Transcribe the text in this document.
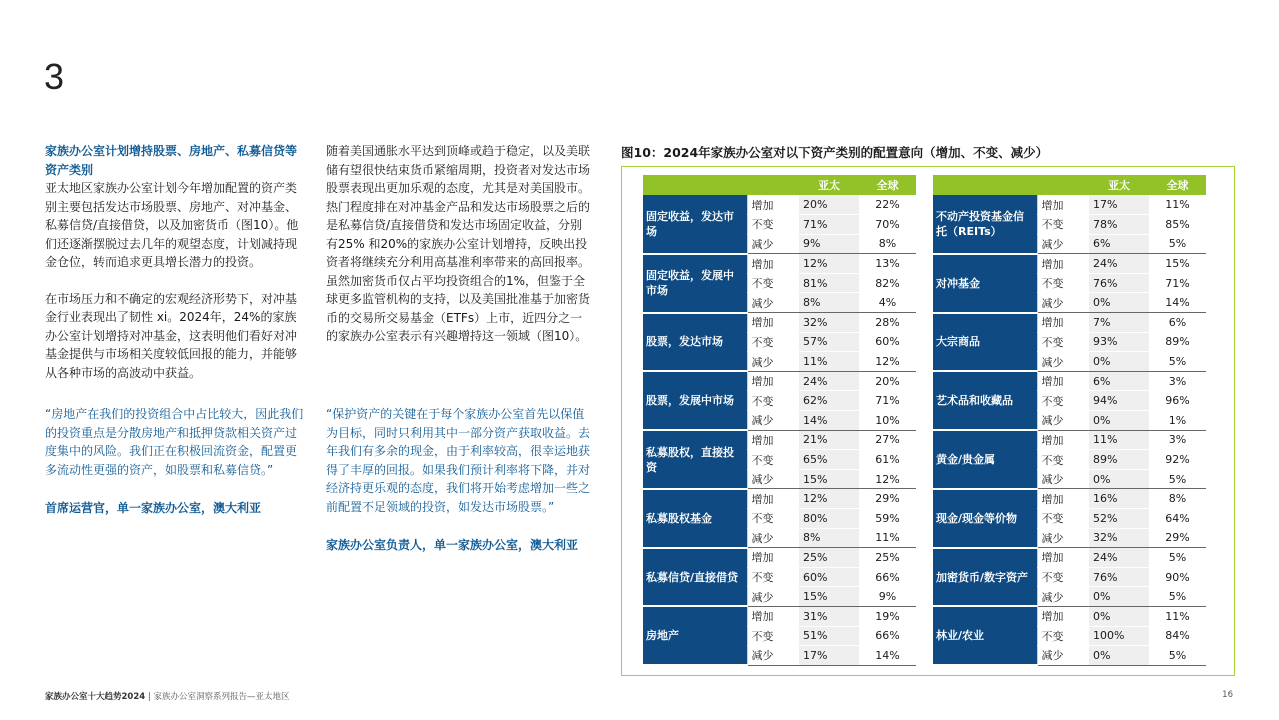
3
家族办公室计划增持股票、房地产、私募信贷等资产类别
亚太地区家族办公室计划今年增加配置的资产类别主要包括发达市场股票、房地产、对冲基金、私募信贷/直接借贷，以及加密货币（图10）。他们还逐渐摆脱过去几年的观望态度，计划减持现金仓位，转而追求更具增长潜力的投资。
在市场压力和不确定的宏观经济形势下，对冲基金行业表现出了韧性 xi。2024年，24%的家族办公室计划增持对冲基金，这表明他们看好对冲基金提供与市场相关度较低回报的能力，并能够从各种市场的高波动中获益。
随着美国通胀水平达到顶峰或趋于稳定，以及美联储有望很快结束货币紧缩周期，投资者对发达市场股票表现出更加乐观的态度，尤其是对美国股市。热门程度排在对冲基金产品和发达市场股票之后的是私募信贷/直接借贷和发达市场固定收益，分别有25% 和20%的家族办公室计划增持，反映出投资者将继续充分利用高基准利率带来的高回报率。虽然加密货币仅占平均投资组合的1%，但鉴于全球更多监管机构的支持，以及美国批准基于加密货币的交易所交易基金（ETFs）上市，近四分之一的家族办公室表示有兴趣增持这一领域（图10）。
“房地产在我们的投资组合中占比较大，因此我们的投资重点是分散房地产和抵押贷款相关资产过度集中的风险。我们正在积极回流资金，配置更多流动性更强的资产，如股票和私募信贷。”
首席运营官，单一家族办公室，澳大利亚
“保护资产的关键在于每个家族办公室首先以保值为目标，同时只利用其中一部分资产获取收益。去年我们有多余的现金，由于利率较高，很幸运地获得了丰厚的回报。如果我们预计利率将下降，并对经济持更乐观的态度，我们将开始考虑增加一些之前配置不足领域的投资，如发达市场股票。”
家族办公室负责人，单一家族办公室，澳大利亚
图10：2024年家族办公室对以下资产类别的配置意向（增加、不变、减少）
		亚太	全球
固定收益，发达市场	增加	20%	22%
	不变	71%	70%
	减少	9%	8%
固定收益，发展中市场	增加	12%	13%
	不变	81%	82%
	减少	8%	4%
股票，发达市场	增加	32%	28%
	不变	57%	60%
	减少	11%	12%
股票，发展中市场	增加	24%	20%
	不变	62%	71%
	减少	14%	10%
私募股权，直接投资	增加	21%	27%
	不变	65%	61%
	减少	15%	12%
私募股权基金	增加	12%	29%
	不变	80%	59%
	减少	8%	11%
私募信贷/直接借贷	增加	25%	25%
	不变	60%	66%
	减少	15%	9%
房地产	增加	31%	19%
	不变	51%	66%
	减少	17%	14%
		亚太	全球
不动产投资基金信托（REITs）	增加	17%	11%
	不变	78%	85%
	减少	6%	5%
对冲基金	增加	24%	15%
	不变	76%	71%
	减少	0%	14%
大宗商品	增加	7%	6%
	不变	93%	89%
	减少	0%	5%
艺术品和收藏品	增加	6%	3%
	不变	94%	96%
	减少	0%	1%
黄金/贵金属	增加	11%	3%
	不变	89%	92%
	减少	0%	5%
现金/现金等价物	增加	16%	8%
	不变	52%	64%
	减少	32%	29%
加密货币/数字资产	增加	24%	5%
	不变	76%	90%
	减少	0%	5%
林业/农业	增加	0%	11%
	不变	100%	84%
	减少	0%	5%
家族办公室十大趋势2024 | 家族办公室洞察系列报告—亚太地区	16
